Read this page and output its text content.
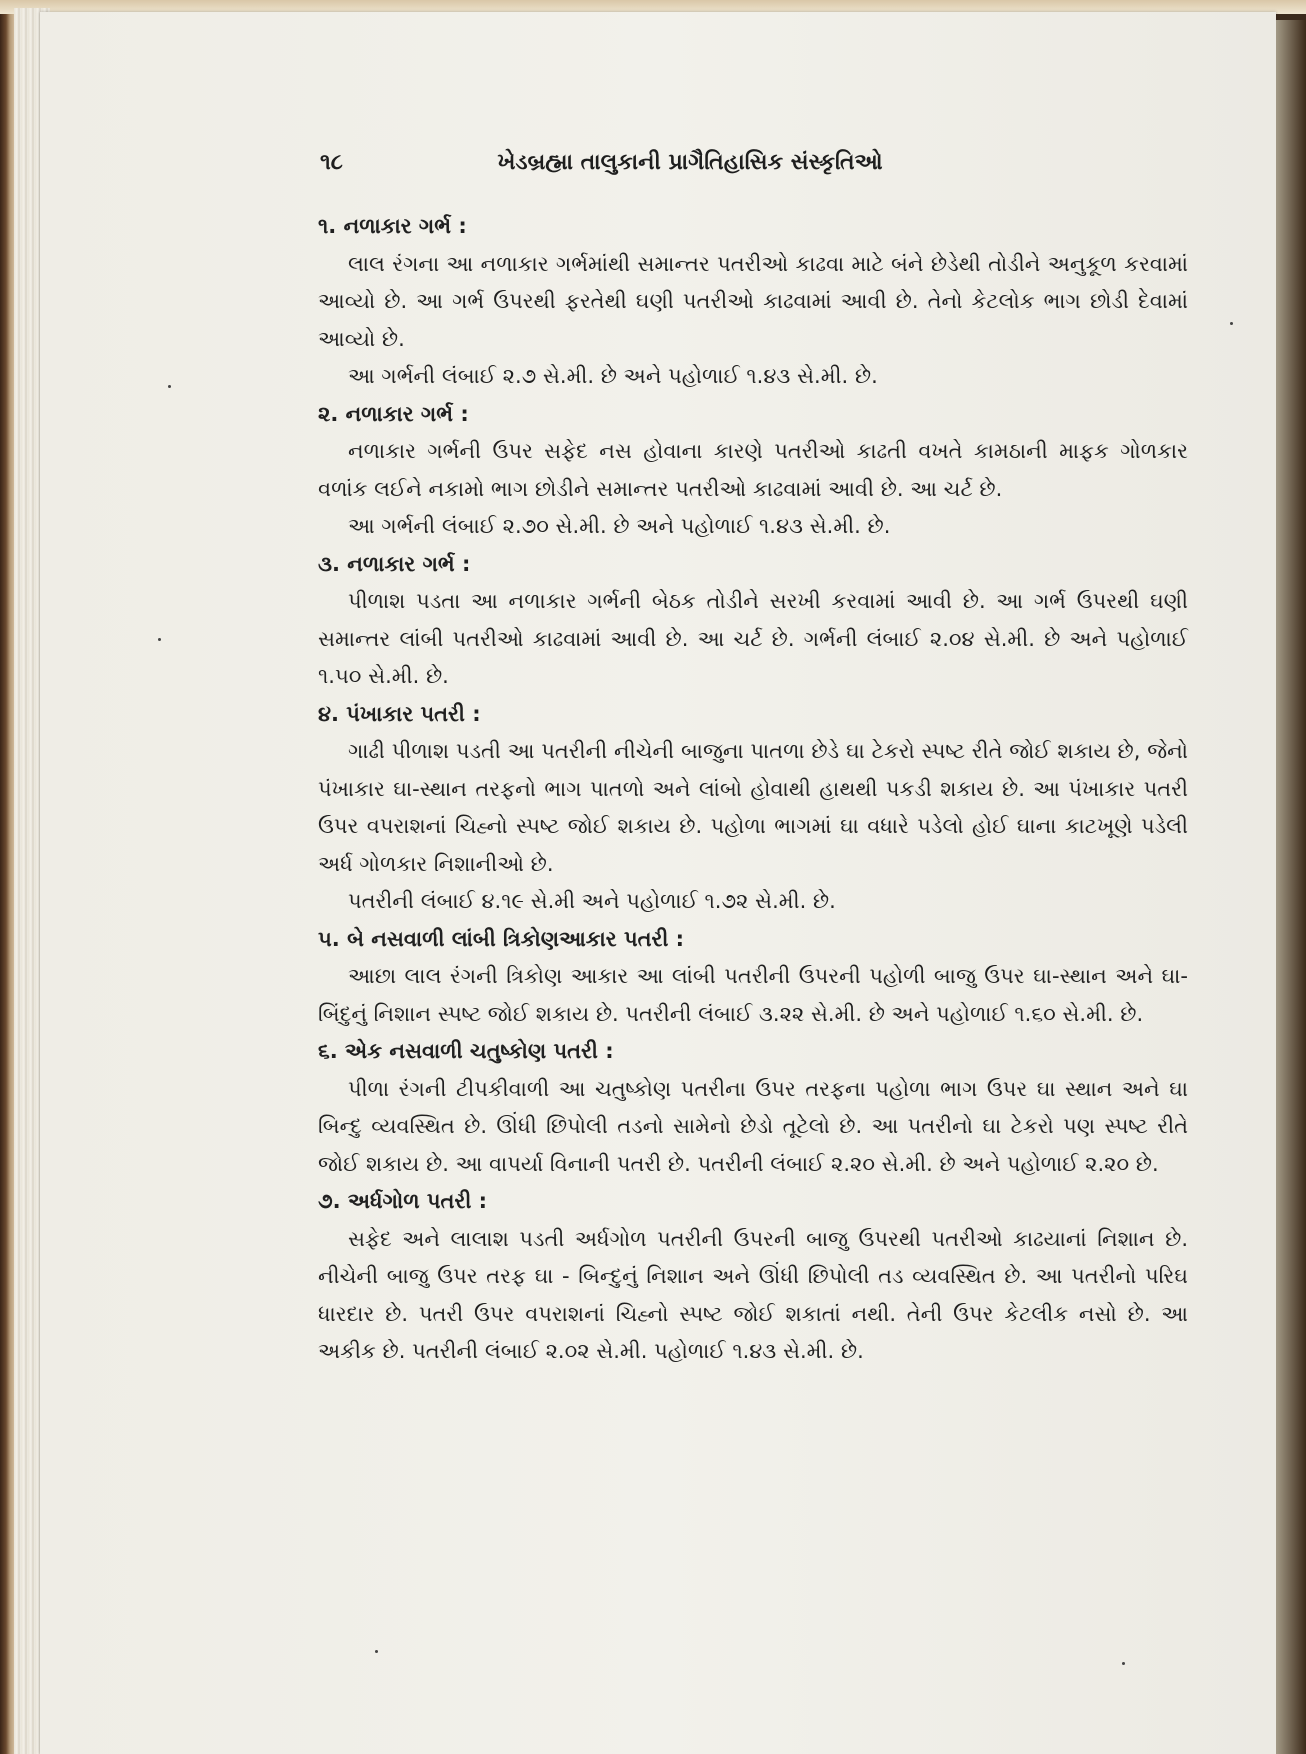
૧૮	ખેડબ્રહ્મા તાલુકાની પ્રાગૈતિહાસિક સંસ્કૃતિઓ

૧. નળાકાર ગર્ભ :

લાલ રંગના આ નળાકાર ગર્ભમાંથી સમાન્તર પતરીઓ કાઢવા માટે બંને છેડેથી તોડીને અનુકૂળ કરવામાં આવ્યો છે. આ ગર્ભ ઉપરથી ફરતેથી ઘણી પતરીઓ કાઢવામાં આવી છે. તેનો કેટલોક ભાગ છોડી દેવામાં આવ્યો છે.

આ ગર્ભની લંબાઈ ૨.૭ સે.મી. છે અને પહોળાઈ ૧.૪૩ સે.મી. છે.

૨. નળાકાર ગર્ભ :

નળાકાર ગર્ભની ઉપર સફેદ નસ હોવાના કારણે પતરીઓ કાઢતી વખતે કામઠાની માફક ગોળકાર વળાંક લઈને નકામો ભાગ છોડીને સમાન્તર પતરીઓ કાઢવામાં આવી છે. આ ચર્ટ છે.

આ ગર્ભની લંબાઈ ૨.૭૦ સે.મી. છે અને પહોળાઈ ૧.૪૩ સે.મી. છે.

૩. નળાકાર ગર્ભ :

પીળાશ પડતા આ નળાકાર ગર્ભની બેઠક તોડીને સરખી કરવામાં આવી છે. આ ગર્ભ ઉપરથી ઘણી સમાન્તર લાંબી પતરીઓ કાઢવામાં આવી છે. આ ચર્ટ છે. ગર્ભની લંબાઈ ૨.૦૪ સે.મી. છે અને પહોળાઈ ૧.૫૦ સે.મી. છે.

૪. પંખાકાર પતરી :

ગાઢી પીળાશ પડતી આ પતરીની નીચેની બાજુના પાતળા છેડે ઘા ટેકરો સ્પષ્ટ રીતે જોઈ શકાય છે, જેનો પંખાકાર ઘા-સ્થાન તરફનો ભાગ પાતળો અને લાંબો હોવાથી હાથથી પકડી શકાય છે. આ પંખાકાર પતરી ઉપર વપરાશનાં ચિહ્નો સ્પષ્ટ જોઈ શકાય છે. પહોળા ભાગમાં ઘા વધારે પડેલો હોઈ ઘાના કાટખૂણે પડેલી અર્ધ ગોળકાર નિશાનીઓ છે.

પતરીની લંબાઈ ૪.૧૯ સે.મી અને પહોળાઈ ૧.૭૨ સે.મી. છે.

૫. બે નસવાળી લાંબી ત્રિકોણઆકાર પતરી :

આછા લાલ રંગની ત્રિકોણ આકાર આ લાંબી પતરીની ઉપરની પહોળી બાજુ ઉપર ઘા-સ્થાન અને ઘા-બિંદુનું નિશાન સ્પષ્ટ જોઈ શકાય છે. પતરીની લંબાઈ ૩.૨૨ સે.મી. છે અને પહોળાઈ ૧.૬૦ સે.મી. છે.

૬. એક નસવાળી ચતુષ્કોણ પતરી :

પીળા રંગની ટીપકીવાળી આ ચતુષ્કોણ પતરીના ઉપર તરફના પહોળા ભાગ ઉપર ઘા સ્થાન અને ઘા બિન્દુ વ્યવસ્થિત છે. ઊંધી છિપોલી તડનો સામેનો છેડો તૂટેલો છે. આ પતરીનો ઘા ટેકરો પણ સ્પષ્ટ રીતે જોઈ શકાય છે. આ વાપર્યા વિનાની પતરી છે. પતરીની લંબાઈ ૨.૨૦ સે.મી. છે અને પહોળાઈ ૨.૨૦ છે.

૭. અર્ધગોળ પતરી :

સફેદ અને લાલાશ પડતી અર્ધગોળ પતરીની ઉપરની બાજુ ઉપરથી પતરીઓ કાઢયાનાં નિશાન છે. નીચેની બાજુ ઉપર તરફ ઘા - બિન્દુનું નિશાન અને ઊંધી છિપોલી તડ વ્યવસ્થિત છે. આ પતરીનો પરિઘ ધારદાર છે. પતરી ઉપર વપરાશનાં ચિહ્નો સ્પષ્ટ જોઈ શકાતાં નથી. તેની ઉપર કેટલીક નસો છે. આ અકીક છે. પતરીની લંબાઈ ૨.૦૨ સે.મી. પહોળાઈ ૧.૪૩ સે.મી. છે.
